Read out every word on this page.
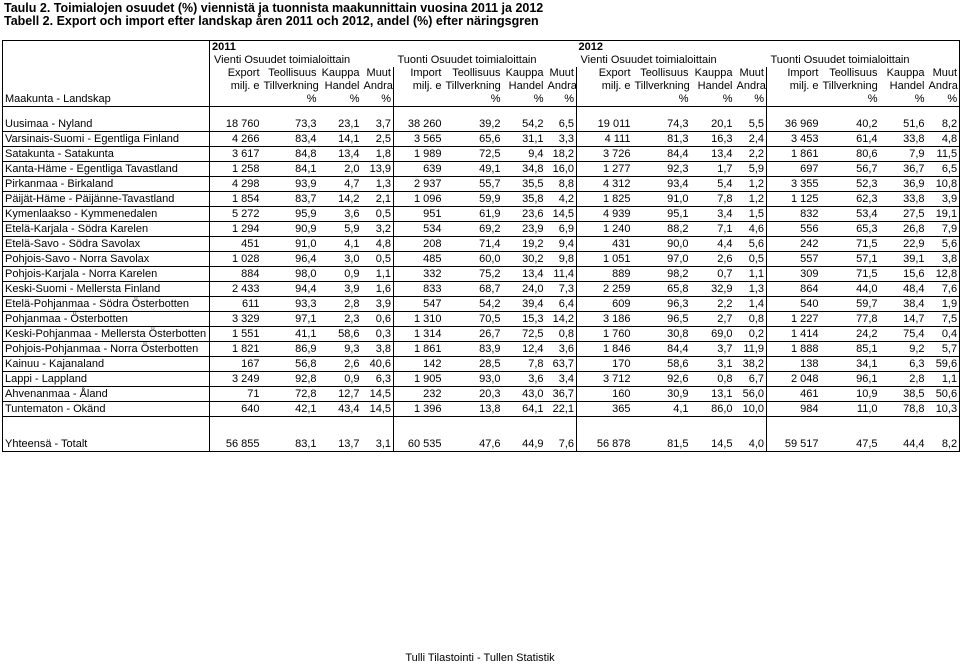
Taulu 2. Toimialojen osuudet (%) viennistä ja tuonnista maakunnittain vuosina 2011 ja 2012
Tabell 2. Export och import efter landskap åren 2011 och 2012, andel (%) efter näringsgren
	2011								2012							
	Vienti Osuudet toimialoittain				Tuonti Osuudet toimialoittain				Vienti Osuudet toimialoittain				Tuonti Osuudet toimialoittain			
	Export	Teollisuus	Kauppa	Muut	Import	Teollisuus	Kauppa	Muut	Export	Teollisuus	Kauppa	Muut	Import	Teollisuus	Kauppa	Muut
	milj. e	Tillverkning	Handel	Andra	milj. e	Tillverkning	Handel	Andra	milj. e	Tillverkning	Handel	Andra	milj. e	Tillverkning	Handel	Andra
Maakunta - Landskap		%	%	%		%	%	%		%	%	%		%	%	%

Uusimaa - Nyland	18 760	73,3	23,1	3,7	38 260	39,2	54,2	6,5	19 011	74,3	20,1	5,5	36 969	40,2	51,6	8,2
Varsinais-Suomi - Egentliga Finland	4 266	83,4	14,1	2,5	3 565	65,6	31,1	3,3	4 111	81,3	16,3	2,4	3 453	61,4	33,8	4,8
Satakunta - Satakunta	3 617	84,8	13,4	1,8	1 989	72,5	9,4	18,2	3 726	84,4	13,4	2,2	1 861	80,6	7,9	11,5
Kanta-Häme - Egentliga Tavastland	1 258	84,1	2,0	13,9	639	49,1	34,8	16,0	1 277	92,3	1,7	5,9	697	56,7	36,7	6,5
Pirkanmaa - Birkaland	4 298	93,9	4,7	1,3	2 937	55,7	35,5	8,8	4 312	93,4	5,4	1,2	3 355	52,3	36,9	10,8
Päijät-Häme - Päijänne-Tavastland	1 854	83,7	14,2	2,1	1 096	59,9	35,8	4,2	1 825	91,0	7,8	1,2	1 125	62,3	33,8	3,9
Kymenlaakso - Kymmenedalen	5 272	95,9	3,6	0,5	951	61,9	23,6	14,5	4 939	95,1	3,4	1,5	832	53,4	27,5	19,1
Etelä-Karjala - Södra Karelen	1 294	90,9	5,9	3,2	534	69,2	23,9	6,9	1 240	88,2	7,1	4,6	556	65,3	26,8	7,9
Etelä-Savo - Södra Savolax	451	91,0	4,1	4,8	208	71,4	19,2	9,4	431	90,0	4,4	5,6	242	71,5	22,9	5,6
Pohjois-Savo - Norra Savolax	1 028	96,4	3,0	0,5	485	60,0	30,2	9,8	1 051	97,0	2,6	0,5	557	57,1	39,1	3,8
Pohjois-Karjala - Norra Karelen	884	98,0	0,9	1,1	332	75,2	13,4	11,4	889	98,2	0,7	1,1	309	71,5	15,6	12,8
Keski-Suomi - Mellersta Finland	2 433	94,4	3,9	1,6	833	68,7	24,0	7,3	2 259	65,8	32,9	1,3	864	44,0	48,4	7,6
Etelä-Pohjanmaa - Södra Österbotten	611	93,3	2,8	3,9	547	54,2	39,4	6,4	609	96,3	2,2	1,4	540	59,7	38,4	1,9
Pohjanmaa - Österbotten	3 329	97,1	2,3	0,6	1 310	70,5	15,3	14,2	3 186	96,5	2,7	0,8	1 227	77,8	14,7	7,5
Keski-Pohjanmaa - Mellersta Österbotten	1 551	41,1	58,6	0,3	1 314	26,7	72,5	0,8	1 760	30,8	69,0	0,2	1 414	24,2	75,4	0,4
Pohjois-Pohjanmaa - Norra Österbotten	1 821	86,9	9,3	3,8	1 861	83,9	12,4	3,6	1 846	84,4	3,7	11,9	1 888	85,1	9,2	5,7
Kainuu - Kajanaland	167	56,8	2,6	40,6	142	28,5	7,8	63,7	170	58,6	3,1	38,2	138	34,1	6,3	59,6
Lappi - Lappland	3 249	92,8	0,9	6,3	1 905	93,0	3,6	3,4	3 712	92,6	0,8	6,7	2 048	96,1	2,8	1,1
Ahvenanmaa - Åland	71	72,8	12,7	14,5	232	20,3	43,0	36,7	160	30,9	13,1	56,0	461	10,9	38,5	50,6
Tuntematon - Okänd	640	42,1	43,4	14,5	1 396	13,8	64,1	22,1	365	4,1	86,0	10,0	984	11,0	78,8	10,3

Yhteensä - Totalt	56 855	83,1	13,7	3,1	60 535	47,6	44,9	7,6	56 878	81,5	14,5	4,0	59 517	47,5	44,4	8,2
Tulli Tilastointi - Tullen Statistik
